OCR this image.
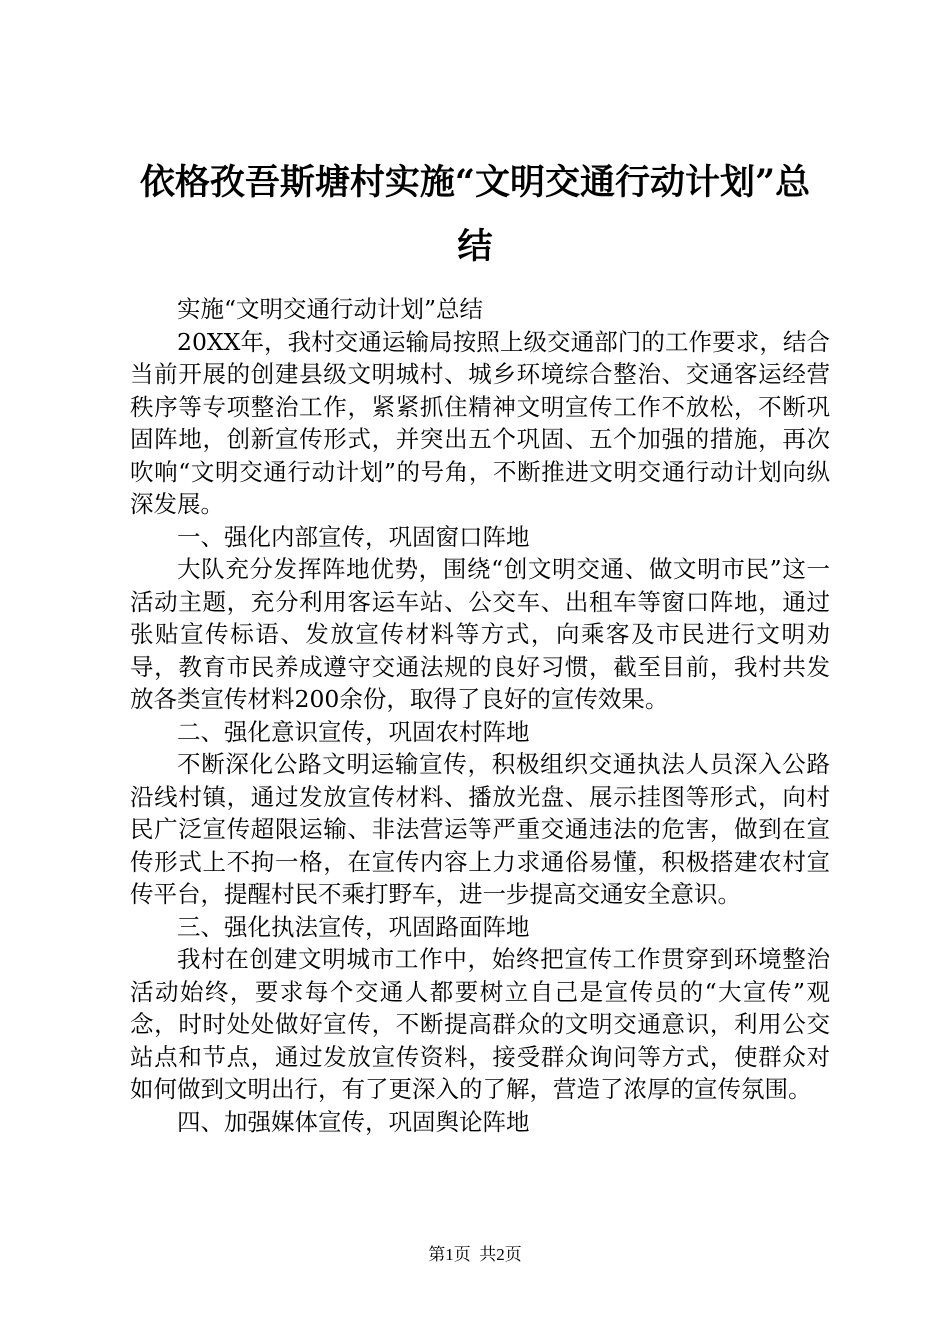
依格孜吾斯塘村实施“文明交通行动计划”总
结

实施“文明交通行动计划”总结

20XX年，我村交通运输局按照上级交通部门的工作要求，结合当前开展的创建县级文明城村、城乡环境综合整治、交通客运经营秩序等专项整治工作，紧紧抓住精神文明宣传工作不放松，不断巩固阵地，创新宣传形式，并突出五个巩固、五个加强的措施，再次吹响“文明交通行动计划”的号角，不断推进文明交通行动计划向纵深发展。

一、强化内部宣传，巩固窗口阵地

大队充分发挥阵地优势，围绕“创文明交通、做文明市民”这一活动主题，充分利用客运车站、公交车、出租车等窗口阵地，通过张贴宣传标语、发放宣传材料等方式，向乘客及市民进行文明劝导，教育市民养成遵守交通法规的良好习惯，截至目前，我村共发放各类宣传材料200余份，取得了良好的宣传效果。

二、强化意识宣传，巩固农村阵地

不断深化公路文明运输宣传，积极组织交通执法人员深入公路沿线村镇，通过发放宣传材料、播放光盘、展示挂图等形式，向村民广泛宣传超限运输、非法营运等严重交通违法的危害，做到在宣传形式上不拘一格，在宣传内容上力求通俗易懂，积极搭建农村宣传平台，提醒村民不乘打野车，进一步提高交通安全意识。

三、强化执法宣传，巩固路面阵地

我村在创建文明城市工作中，始终把宣传工作贯穿到环境整治活动始终，要求每个交通人都要树立自己是宣传员的“大宣传”观念，时时处处做好宣传，不断提高群众的文明交通意识，利用公交站点和节点，通过发放宣传资料，接受群众询问等方式，使群众对如何做到文明出行，有了更深入的了解，营造了浓厚的宣传氛围。

四、加强媒体宣传，巩固舆论阵地

第1页  共2页
